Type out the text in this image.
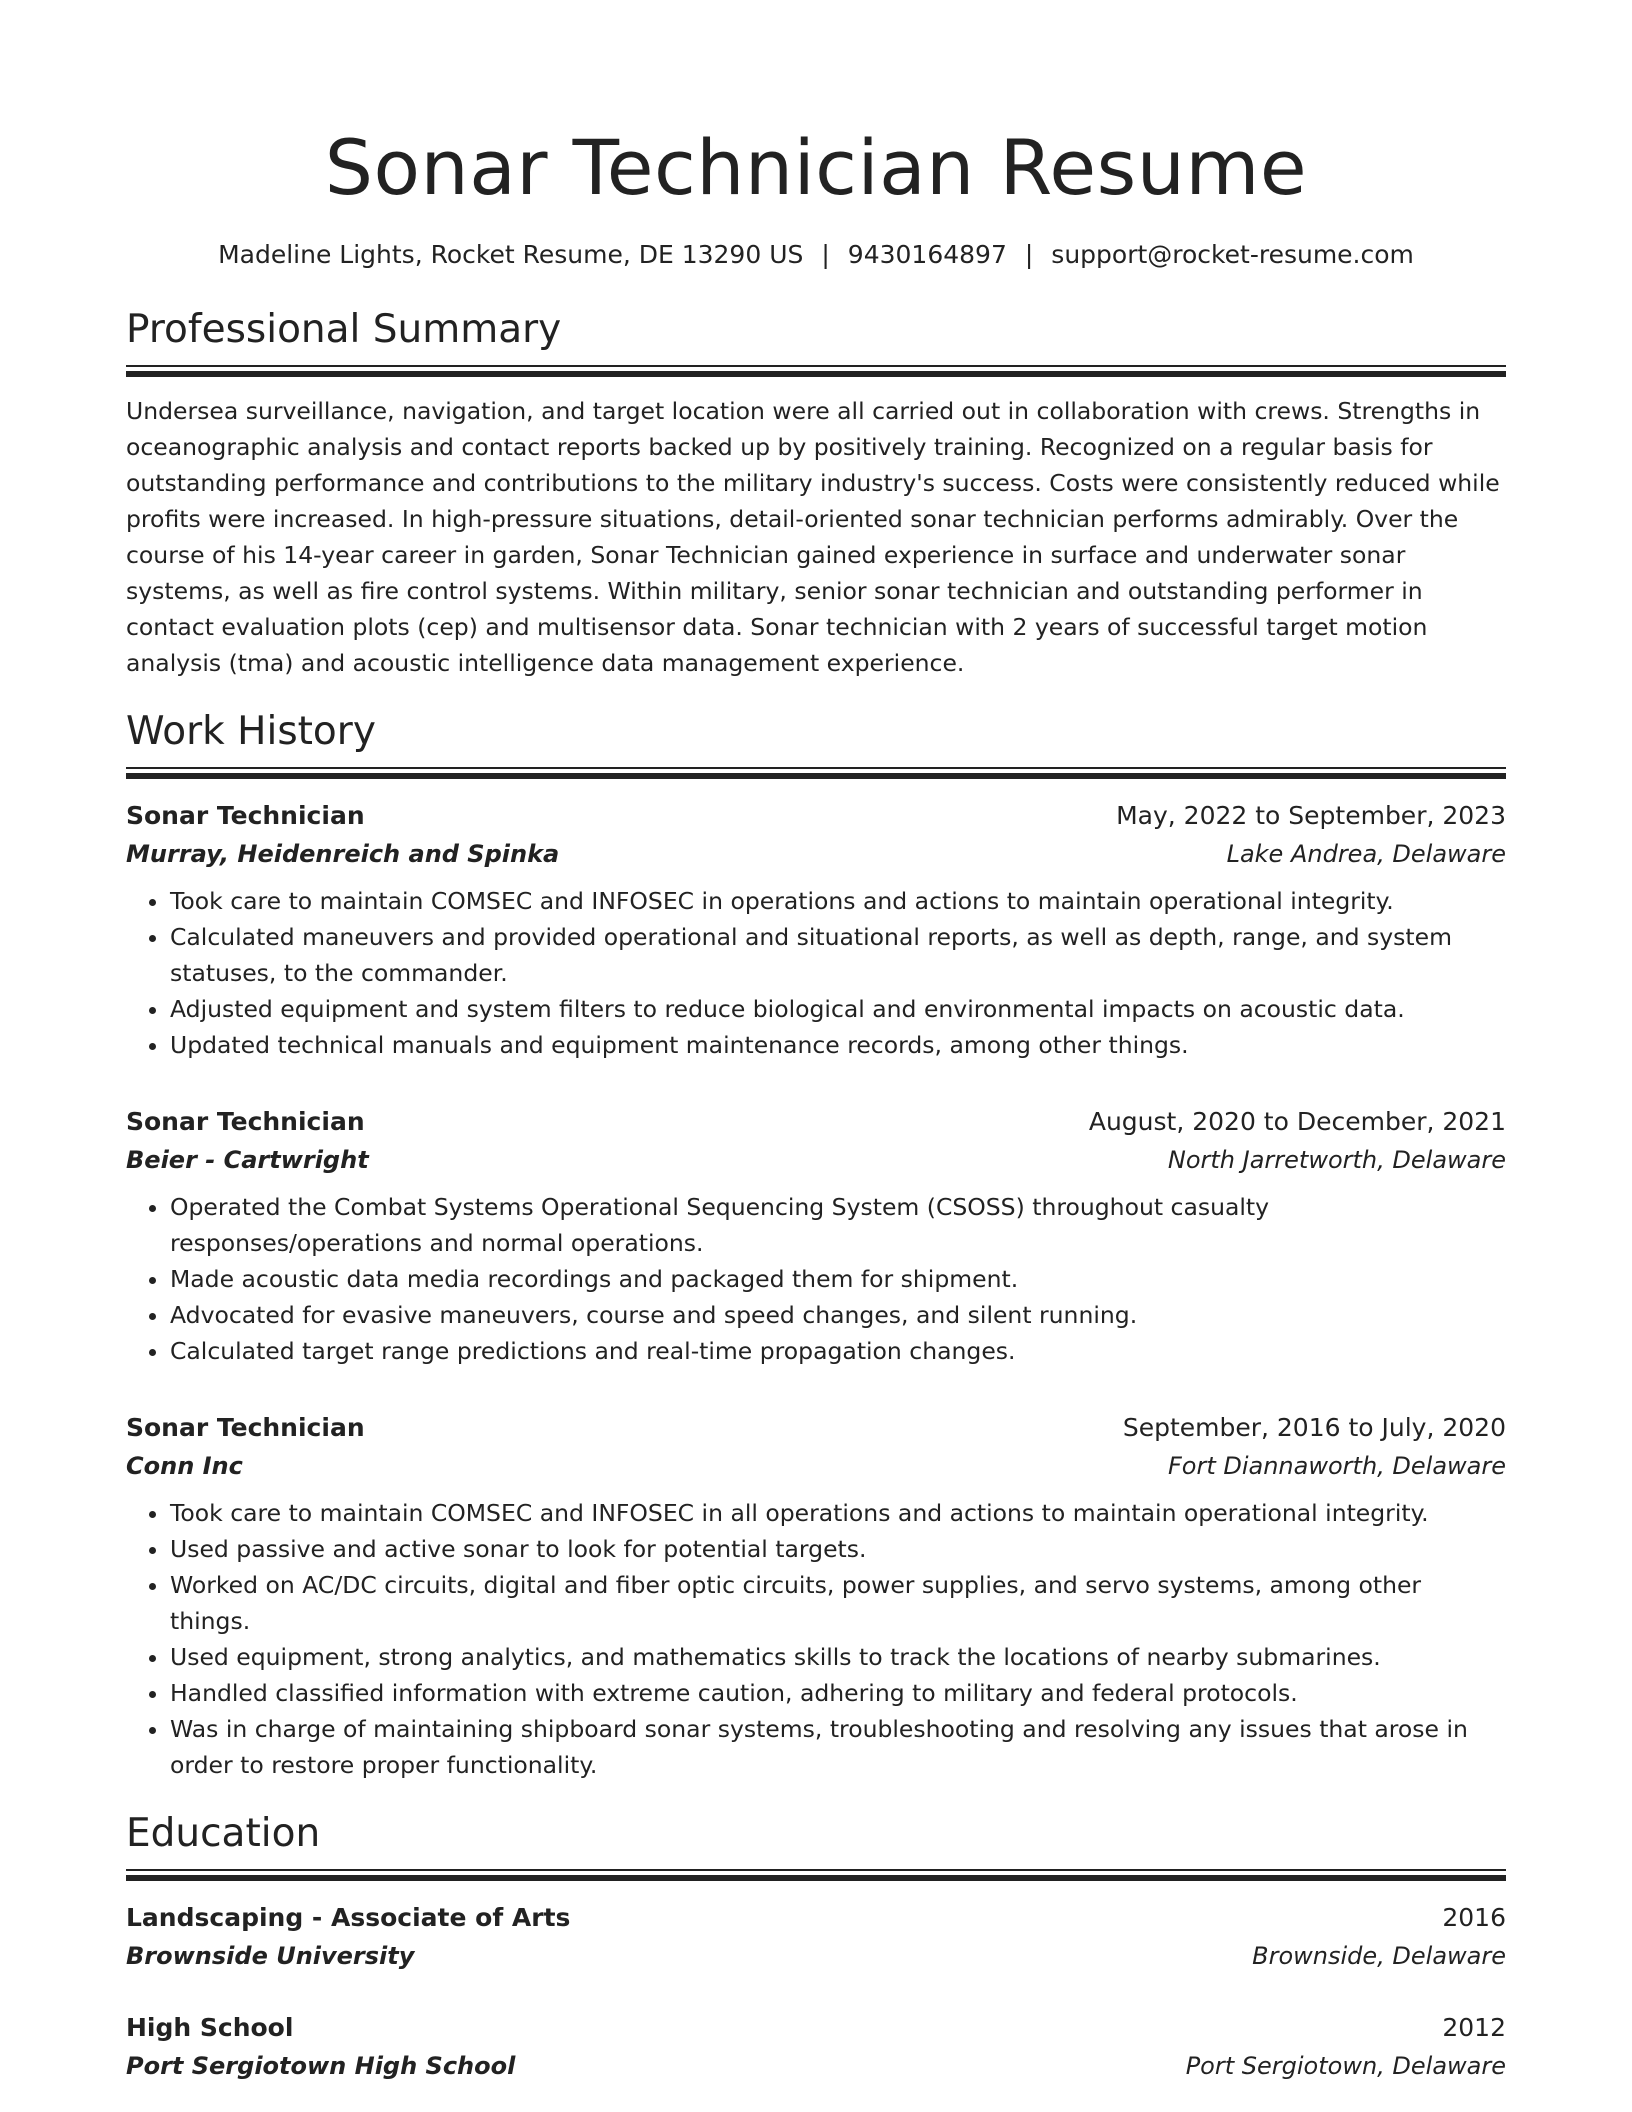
Sonar Technician Resume
Madeline Lights, Rocket Resume, DE 13290 US | 9430164897 | support@rocket-resume.com
Professional Summary

Undersea surveillance, navigation, and target location were all carried out in collaboration with crews. Strengths in oceanographic analysis and contact reports backed up by positively training. Recognized on a regular basis for outstanding performance and contributions to the military industry's success. Costs were consistently reduced while profits were increased. In high-pressure situations, detail-oriented sonar technician performs admirably. Over the course of his 14-year career in garden, Sonar Technician gained experience in surface and underwater sonar systems, as well as fire control systems. Within military, senior sonar technician and outstanding performer in contact evaluation plots (cep) and multisensor data. Sonar technician with 2 years of successful target motion analysis (tma) and acoustic intelligence data management experience.

Work History
Sonar Technician	May, 2022 to September, 2023
Murray, Heidenreich and Spinka	Lake Andrea, Delaware
• Took care to maintain COMSEC and INFOSEC in operations and actions to maintain operational integrity.
• Calculated maneuvers and provided operational and situational reports, as well as depth, range, and system statuses, to the commander.
• Adjusted equipment and system filters to reduce biological and environmental impacts on acoustic data.
• Updated technical manuals and equipment maintenance records, among other things.
Sonar Technician	August, 2020 to December, 2021
Beier - Cartwright	North Jarretworth, Delaware
• Operated the Combat Systems Operational Sequencing System (CSOSS) throughout casualty responses/operations and normal operations.
• Made acoustic data media recordings and packaged them for shipment.
• Advocated for evasive maneuvers, course and speed changes, and silent running.
• Calculated target range predictions and real-time propagation changes.
Sonar Technician	September, 2016 to July, 2020
Conn Inc	Fort Diannaworth, Delaware
• Took care to maintain COMSEC and INFOSEC in all operations and actions to maintain operational integrity.
• Used passive and active sonar to look for potential targets.
• Worked on AC/DC circuits, digital and fiber optic circuits, power supplies, and servo systems, among other things.
• Used equipment, strong analytics, and mathematics skills to track the locations of nearby submarines.
• Handled classified information with extreme caution, adhering to military and federal protocols.
• Was in charge of maintaining shipboard sonar systems, troubleshooting and resolving any issues that arose in order to restore proper functionality.
Education
Landscaping - Associate of Arts	2016
Brownside University	Brownside, Delaware
High School	2012
Port Sergiotown High School	Port Sergiotown, Delaware
